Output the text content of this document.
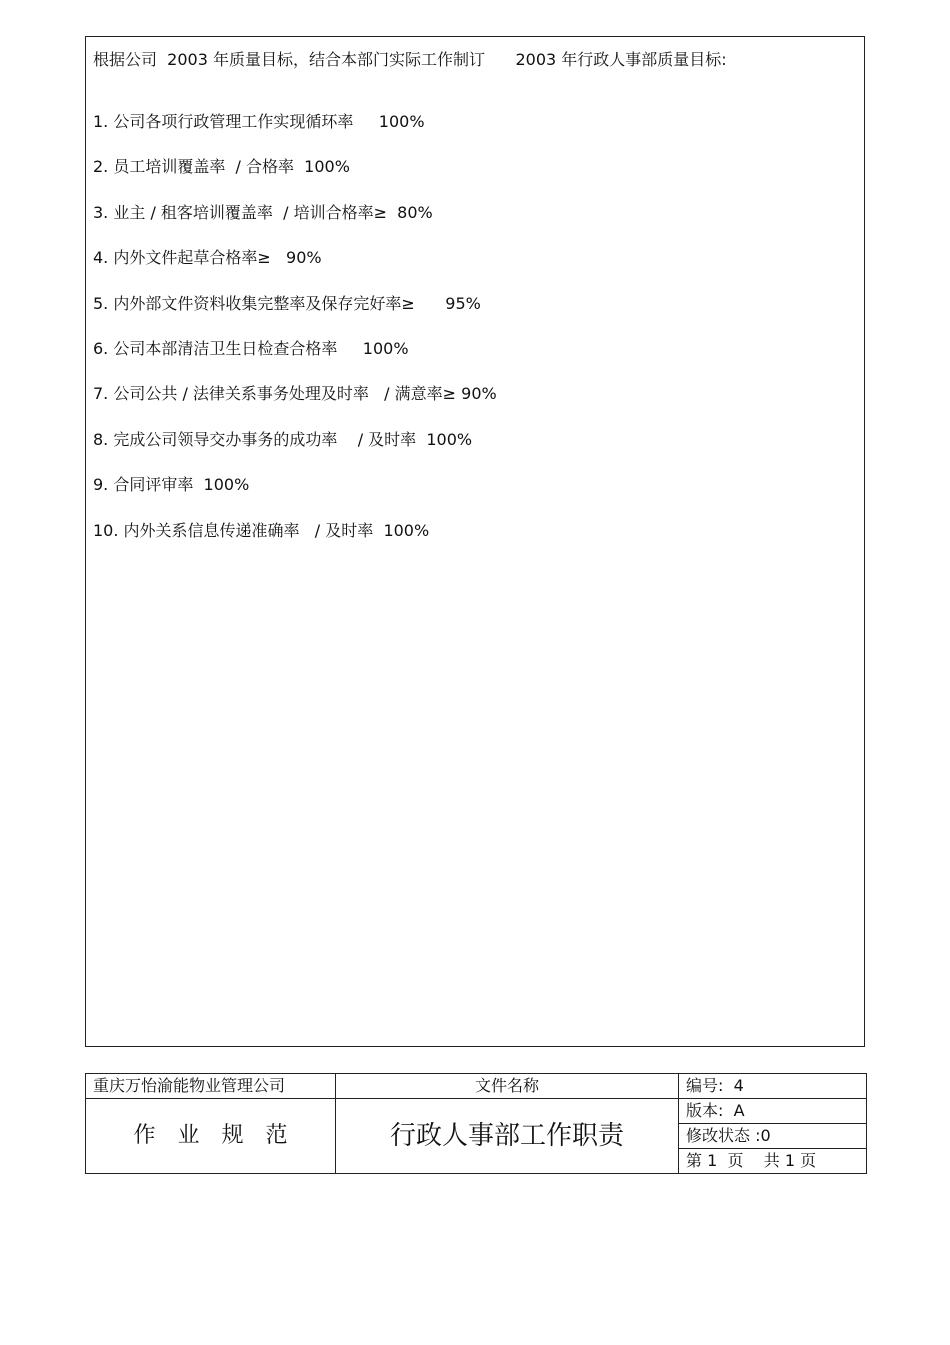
根据公司  2003 年质量目标，结合本部门实际工作制订      2003 年行政人事部质量目标:

1. 公司各项行政管理工作实现循环率     100%
2. 员工培训覆盖率  / 合格率  100%
3. 业主 / 租客培训覆盖率  / 培训合格率≥  80%
4. 内外文件起草合格率≥   90%
5. 内外部文件资料收集完整率及保存完好率≥      95%
6. 公司本部清洁卫生日检查合格率     100%
7. 公司公共 / 法律关系事务处理及时率   / 满意率≥ 90%
8. 完成公司领导交办事务的成功率    / 及时率  100%
9. 合同评审率  100%
10. 内外关系信息传递准确率   / 及时率  100%
重庆万怡渝能物业管理公司	文件名称	编号:  4
作业规范	行政人事部工作职责	版本:  A
		修改状态 :0
		第 1  页    共 1 页
